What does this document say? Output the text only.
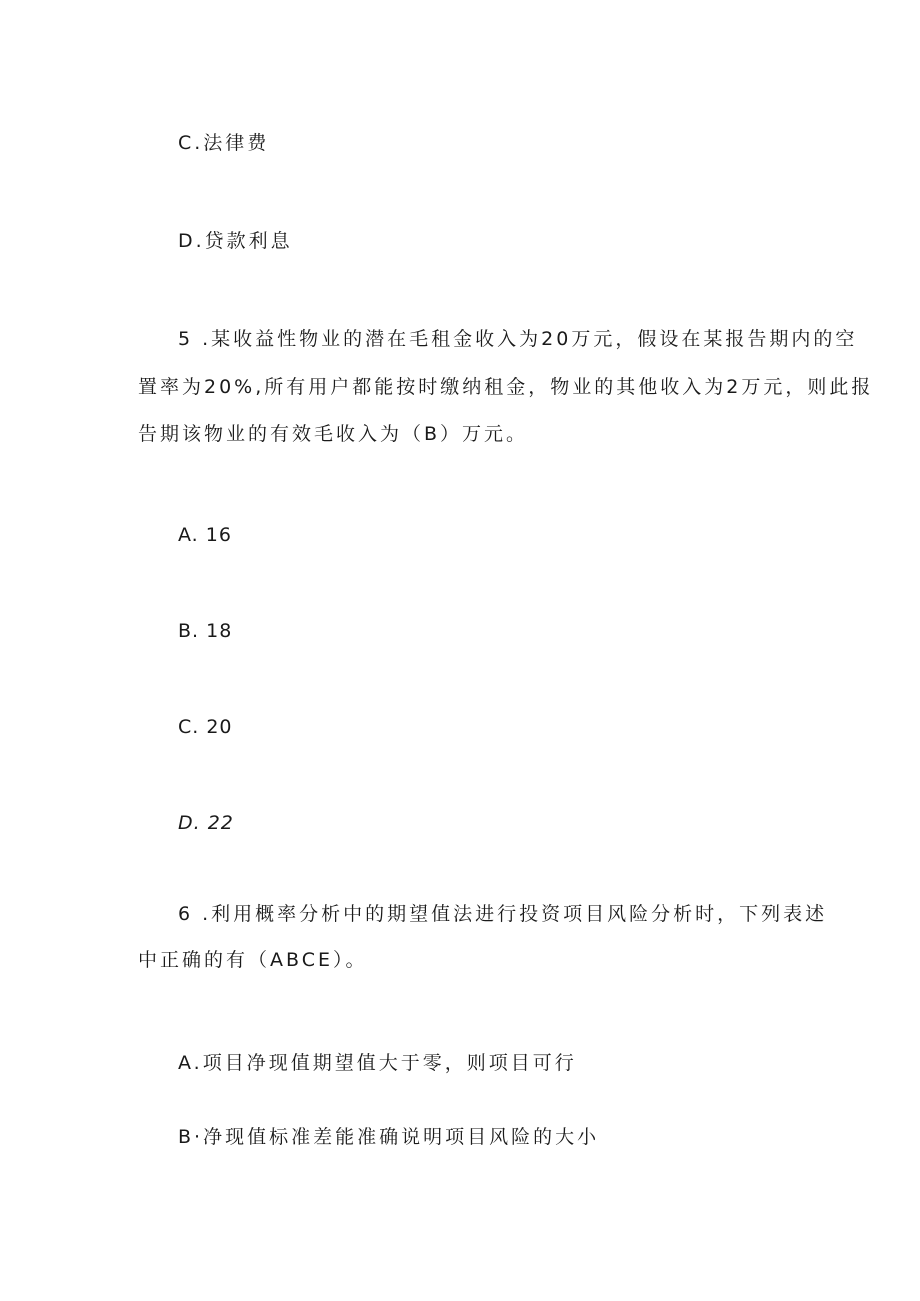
C.法律费
D.贷款利息
5 .某收益性物业的潜在毛租金收入为20万元，假设在某报告期内的空
置率为20%,所有用户都能按时缴纳租金，物业的其他收入为2万元，则此报
告期该物业的有效毛收入为（B）万元。
A. 16
B. 18
C. 20
D. 22
6 .利用概率分析中的期望值法进行投资项目风险分析时，下列表述
中正确的有（ABCE）。
A.项目净现值期望值大于零，则项目可行
B·净现值标准差能准确说明项目风险的大小
